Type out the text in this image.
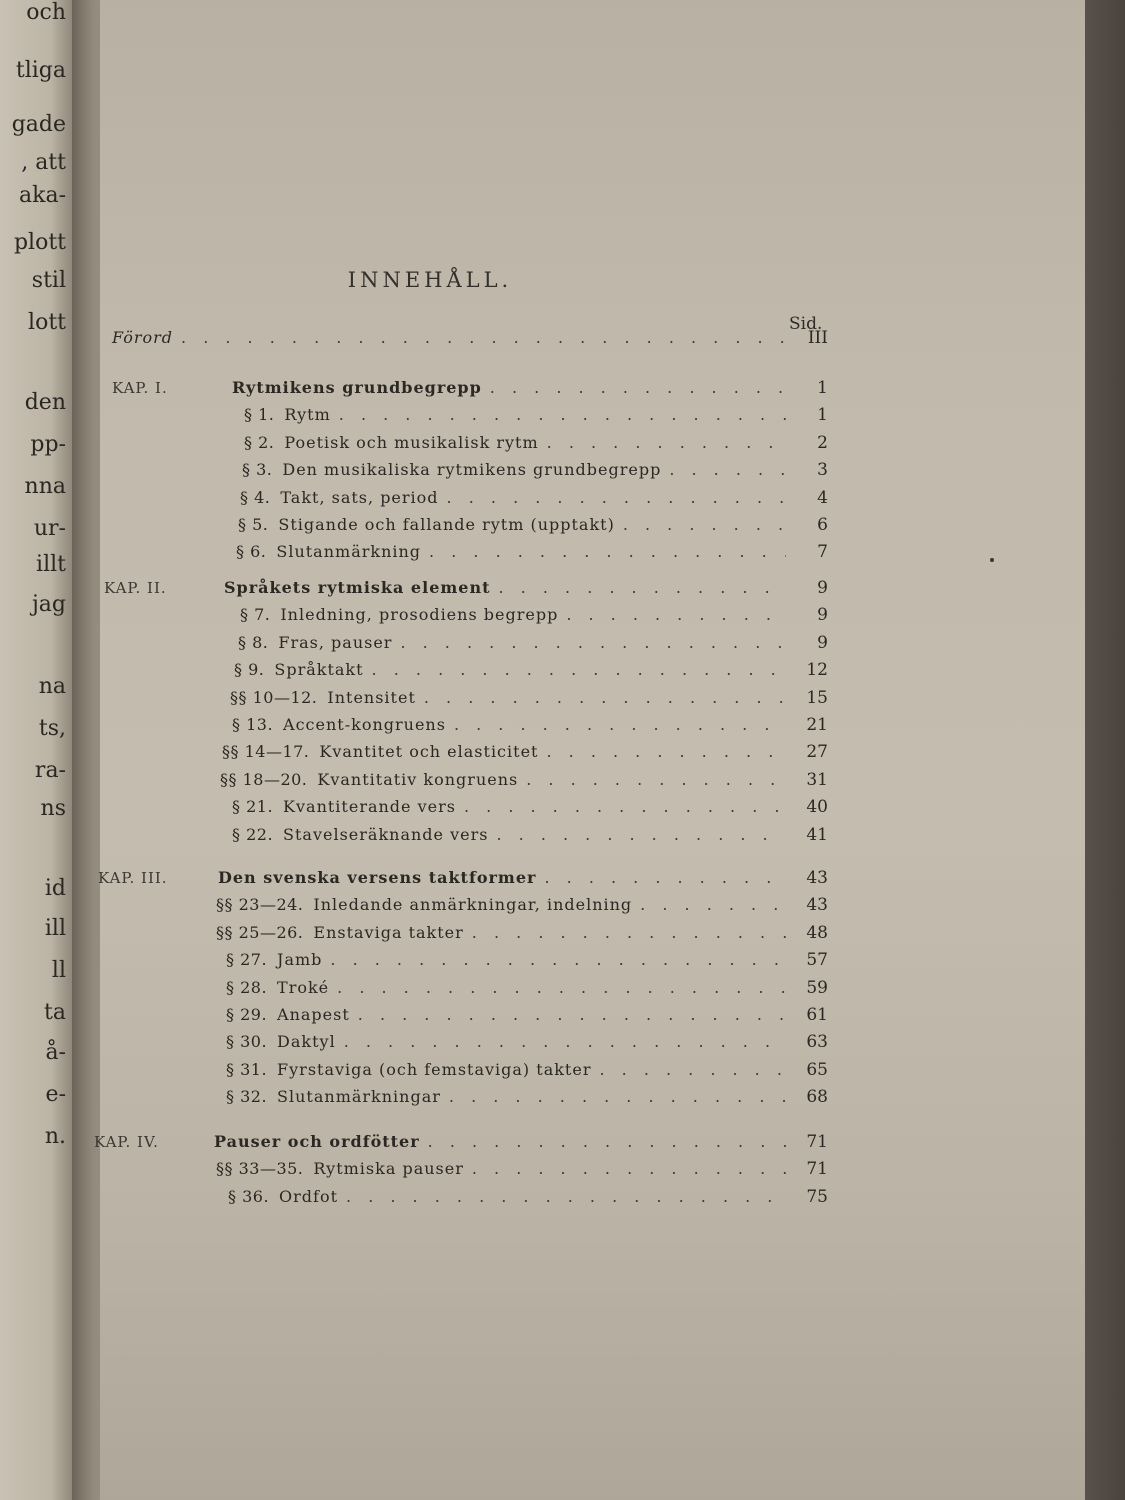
och
tliga
gade
, att
aka-
plott
stil
lott
den
pp-
nna
ur-
illt
jag
na
ts,
ra-
ns
id
ill
ll
ta
å-
e-
n.
INNEHÅLL.
Sid.
Förord . . .	III
KAP. I.	Rytmikens grundbegrepp . . .	1
§ 1. Rytm . . .	1
§ 2. Poetisk och musikalisk rytm . . .	2
§ 3. Den musikaliska rytmikens grundbegrepp . . .	3
§ 4. Takt, sats, period . . .	4
§ 5. Stigande och fallande rytm (upptakt) . . .	6
§ 6. Slutanmärkning . . .	7
KAP. II.	Språkets rytmiska element . . .	9
§ 7. Inledning, prosodiens begrepp . . .	9
§ 8. Fras, pauser . . .	9
§ 9. Språktakt . . .	12
§§ 10—12. Intensitet . . .	15
§ 13. Accent-kongruens . . .	21
§§ 14—17. Kvantitet och elasticitet . . .	27
§§ 18—20. Kvantitativ kongruens . . .	31
§ 21. Kvantiterande vers . . .	40
§ 22. Stavelseräknande vers . . .	41
KAP. III.	Den svenska versens taktformer . . .	43
§§ 23—24. Inledande anmärkningar, indelning . . .	43
§§ 25—26. Enstaviga takter . . .	48
§ 27. Jamb . . .	57
§ 28. Troké . . .	59
§ 29. Anapest . . .	61
§ 30. Daktyl . . .	63
§ 31. Fyrstaviga (och femstaviga) takter . . .	65
§ 32. Slutanmärkningar . . .	68
KAP. IV.	Pauser och ordfötter . . .	71
§§ 33—35. Rytmiska pauser . . .	71
§ 36. Ordfot . . .	75
